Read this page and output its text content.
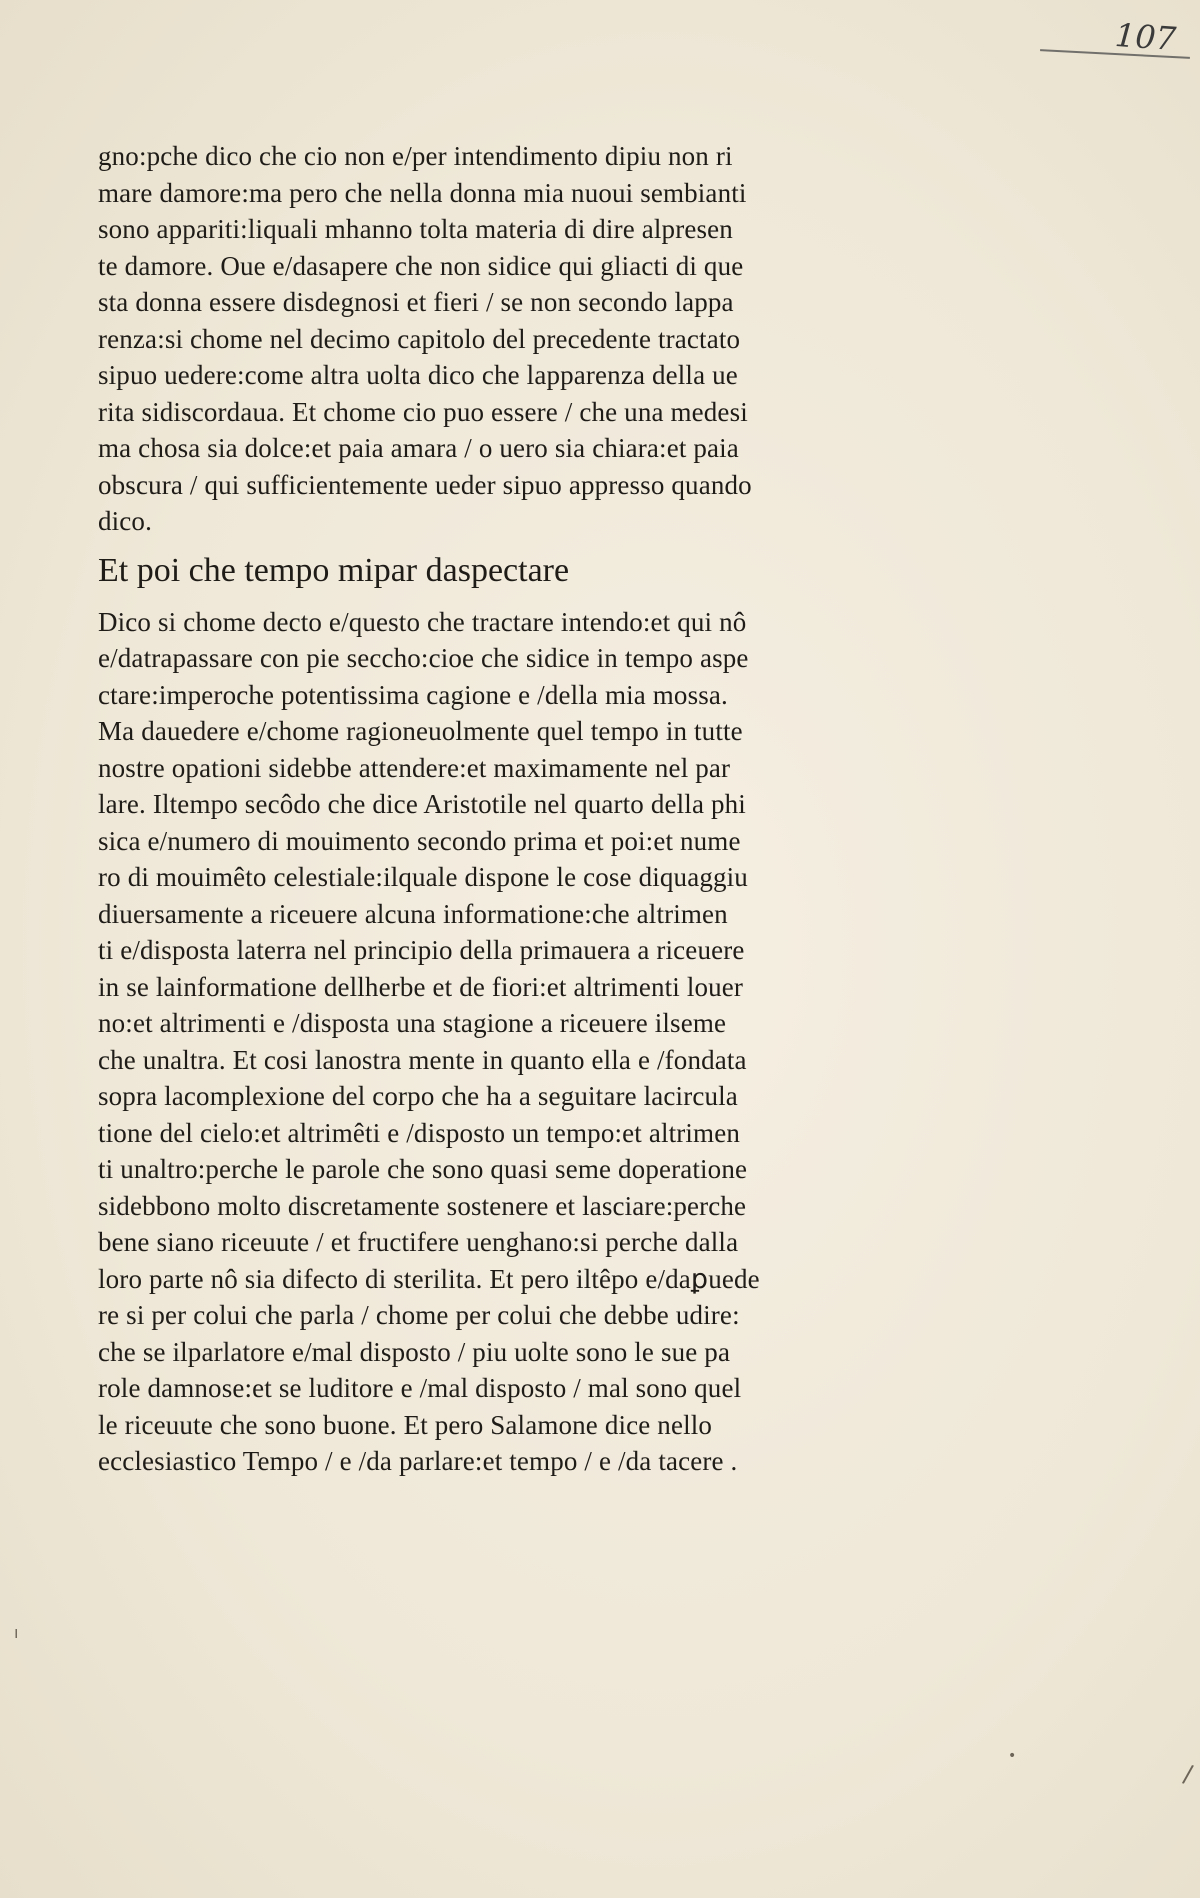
107
gno:pche dico che cio non e/per intendimento dipiu non ri
mare damore:ma pero che nella donna mia nuoui sembianti
sono appariti:liquali mhanno tolta materia di dire alpresen
te damore. Oue e/dasapere che non sidice qui gliacti di que
sta donna essere disdegnosi et fieri / se non secondo lappa
renza:si chome nel decimo capitolo del precedente tractato
sipuo uedere:come altra uolta dico che lapparenza della ue
rita sidiscordaua. Et chome cio puo essere / che una medesi
ma chosa sia dolce:et paia amara / o uero sia chiara:et paia
obscura / qui sufficientemente ueder sipuo appresso quando
dico.
Et poi che tempo mipar daspectare
Dico si chome decto e/questo che tractare intendo:et qui nô
e/datrapassare con pie seccho:cioe che sidice in tempo aspe
ctare:imperoche potentissima cagione e /della mia mossa.
Ma dauedere e/chome ragioneuolmente quel tempo in tutte
nostre opationi sidebbe attendere:et maximamente nel par
lare. Iltempo secôdo che dice Aristotile nel quarto della phi
sica e/numero di mouimento secondo prima et poi:et nume
ro di mouimêto celestiale:ilquale dispone le cose diquaggiu
diuersamente a riceuere alcuna informatione:che altrimen
ti e/disposta laterra nel principio della primauera a riceuere
in se lainformatione dellherbe et de fiori:et altrimenti louer
no:et altrimenti e /disposta una stagione a riceuere ilseme
che unaltra. Et cosi lanostra mente in quanto ella e /fondata
sopra lacomplexione del corpo che ha a seguitare lacircula
tione del cielo:et altrimêti e /disposto un tempo:et altrimen
ti unaltro:perche le parole che sono quasi seme doperatione
sidebbono molto discretamente sostenere et lasciare:perche
bene siano riceuute / et fructifere uenghano:si perche dalla
loro parte nô sia difecto di sterilita. Et pero iltêpo e/daꝑuede
re si per colui che parla / chome per colui che debbe udire:
che se ilparlatore e/mal disposto / piu uolte sono le sue pa
role damnose:et se luditore e /mal disposto / mal sono quel
le riceuute che sono buone. Et pero Salamone dice nello
ecclesiastico Tempo / e /da parlare:et tempo / e /da tacere .
ı
•
/
